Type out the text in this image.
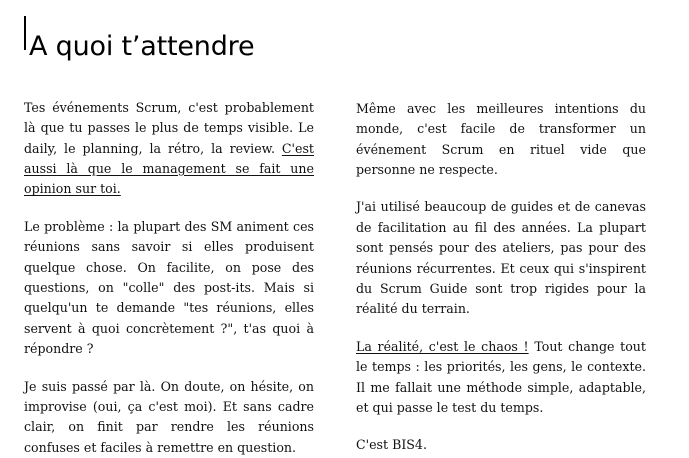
A quoi t’attendre

Tes événements Scrum, c'est probablement là que tu passes le plus de temps visible. Le daily, le planning, la rétro, la review. C'est aussi là que le management se fait une opinion sur toi.

Le problème : la plupart des SM animent ces réunions sans savoir si elles produisent quelque chose. On facilite, on pose des questions, on "colle" des post-its. Mais si quelqu'un te demande "tes réunions, elles servent à quoi concrètement ?", t'as quoi à répondre ?

Je suis passé par là. On doute, on hésite, on improvise (oui, ça c'est moi). Et sans cadre clair, on finit par rendre les réunions confuses et faciles à remettre en question.

Même avec les meilleures intentions du monde, c'est facile de transformer un événement Scrum en rituel vide que personne ne respecte.

J'ai utilisé beaucoup de guides et de canevas de facilitation au fil des années. La plupart sont pensés pour des ateliers, pas pour des réunions récurrentes. Et ceux qui s'inspirent du Scrum Guide sont trop rigides pour la réalité du terrain.

La réalité, c'est le chaos ! Tout change tout le temps : les priorités, les gens, le contexte. Il me fallait une méthode simple, adaptable, et qui passe le test du temps.

C'est BIS4.
